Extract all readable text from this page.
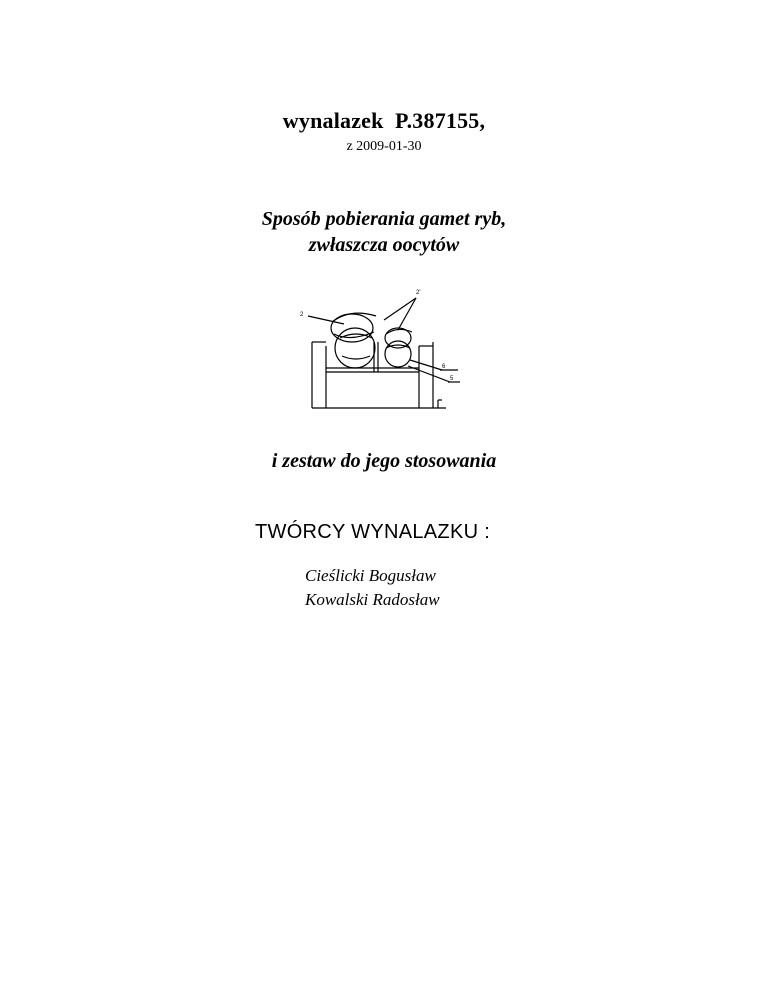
wynalazek  P.387155,
z 2009-01-30
Sposób pobierania gamet ryb,
zwłaszcza oocytów
2'
2
6
5
i zestaw do jego stosowania
TWÓRCY WYNALAZKU :
Cieślicki Bogusław
Kowalski Radosław
